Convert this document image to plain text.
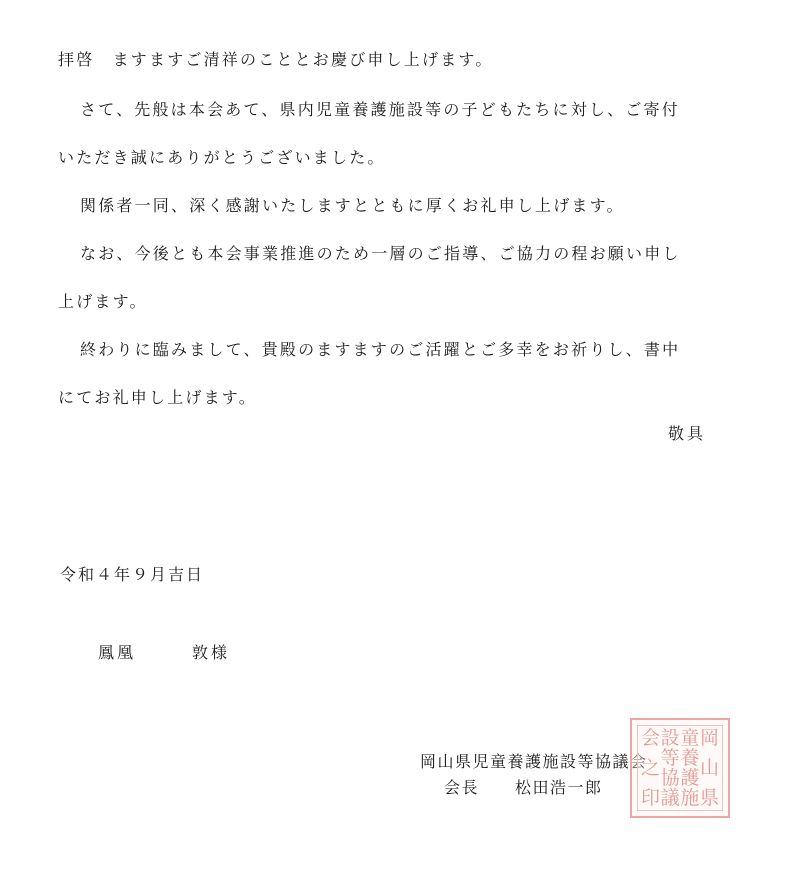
拝啓　ますますご清祥のこととお慶び申し上げます。
さて、先般は本会あて、県内児童養護施設等の子どもたちに対し、ご寄付
いただき誠にありがとうございました。
関係者一同、深く感謝いたしますとともに厚くお礼申し上げます。
なお、今後とも本会事業推進のため一層のご指導、ご協力の程お願い申し
上げます。
終わりに臨みまして、貴殿のますますのご活躍とご多幸をお祈りし、書中
にてお礼申し上げます。
敬具
令和４年９月吉日
鳳凰	敦様
岡山県児童養護施設等協議会
会長 松田浩一郎
岡
山
県
童
養
護
施
設
等
協
議
会
之
印
